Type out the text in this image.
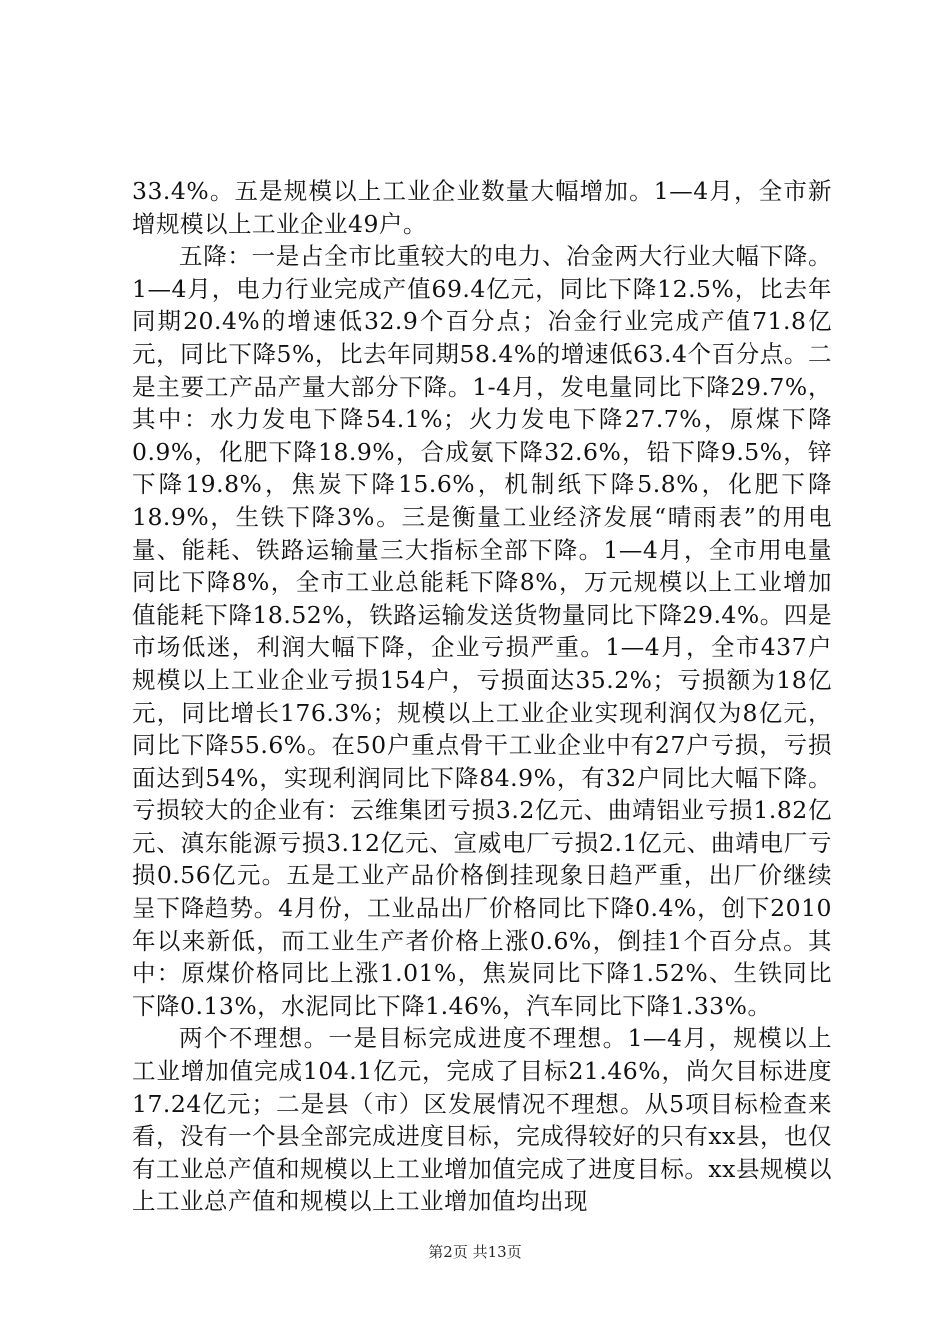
33.4%。五是规模以上工业企业数量大幅增加。1—4月，全市新增规模以上工业企业49户。

五降：一是占全市比重较大的电力、冶金两大行业大幅下降。1—4月，电力行业完成产值69.4亿元，同比下降12.5%，比去年同期20.4%的增速低32.9个百分点；冶金行业完成产值71.8亿元，同比下降5%，比去年同期58.4%的增速低63.4个百分点。二是主要工产品产量大部分下降。1-4月，发电量同比下降29.7%，其中：水力发电下降54.1%；火力发电下降27.7%，原煤下降0.9%，化肥下降18.9%，合成氨下降32.6%，铅下降9.5%，锌下降19.8%，焦炭下降15.6%，机制纸下降5.8%，化肥下降18.9%，生铁下降3%。三是衡量工业经济发展“晴雨表”的用电量、能耗、铁路运输量三大指标全部下降。1—4月，全市用电量同比下降8%，全市工业总能耗下降8%，万元规模以上工业增加值能耗下降18.52%，铁路运输发送货物量同比下降29.4%。四是市场低迷，利润大幅下降，企业亏损严重。1—4月，全市437户规模以上工业企业亏损154户，亏损面达35.2%；亏损额为18亿元，同比增长176.3%；规模以上工业企业实现利润仅为8亿元，同比下降55.6%。在50户重点骨干工业企业中有27户亏损，亏损面达到54%，实现利润同比下降84.9%，有32户同比大幅下降。亏损较大的企业有：云维集团亏损3.2亿元、曲靖铝业亏损1.82亿元、滇东能源亏损3.12亿元、宣威电厂亏损2.1亿元、曲靖电厂亏损0.56亿元。五是工业产品价格倒挂现象日趋严重，出厂价继续呈下降趋势。4月份，工业品出厂价格同比下降0.4%，创下2010年以来新低，而工业生产者价格上涨0.6%，倒挂1个百分点。其中：原煤价格同比上涨1.01%，焦炭同比下降1.52%、生铁同比下降0.13%，水泥同比下降1.46%，汽车同比下降1.33%。

两个不理想。一是目标完成进度不理想。1—4月，规模以上工业增加值完成104.1亿元，完成了目标21.46%，尚欠目标进度17.24亿元；二是县（市）区发展情况不理想。从5项目标检查来看，没有一个县全部完成进度目标，完成得较好的只有xx县，也仅有工业总产值和规模以上工业增加值完成了进度目标。xx县规模以上工业总产值和规模以上工业增加值均出现

第2页 共13页
